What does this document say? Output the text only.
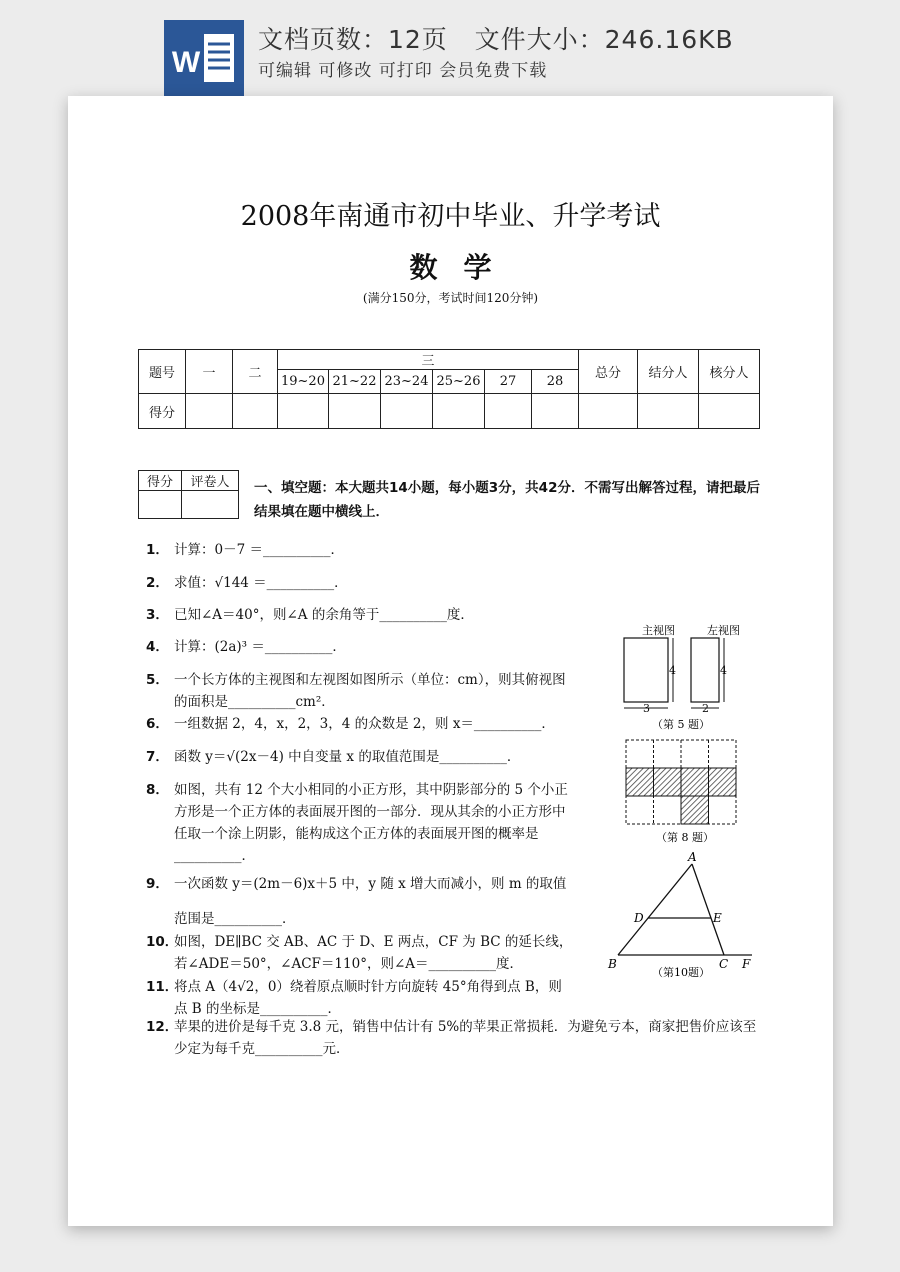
W
文档页数：12页   文件大小：246.16KB
可编辑 可修改 可打印 会员免费下载
2008年南通市初中毕业、升学考试
数学
(满分150分，考试时间120分钟)
题号	一	二	三						总分	结分人	核分人
			19~20	21~22	23~24	25~26	27	28			
得分											
得分	评卷人
	一、填空题：本大题共14小题，每小题3分，共42分．不需写出解答过程，请把最后结果填在题中横线上．
1． 计算：0－7 ＝__________．
2． 求值：√144 ＝__________．
3． 已知∠A＝40°，则∠A 的余角等于__________度．
4． 计算：(2a)³ ＝__________．
5． 一个长方体的主视图和左视图如图所示（单位：cm），则其俯视图的面积是__________cm²．
6． 一组数据 2，4，x，2，3，4 的众数是 2，则 x＝__________．
7． 函数 y＝√(2x－4) 中自变量 x 的取值范围是__________．
8． 如图，共有 12 个大小相同的小正方形，其中阴影部分的 5 个小正方形是一个正方体的表面展开图的一部分．现从其余的小正方形中任取一个涂上阴影，能构成这个正方体的表面展开图的概率是__________．
9． 一次函数 y＝(2m－6)x＋5 中，y 随 x 增大而减小，则 m 的取值
范围是__________．
10．
如图，DE∥BC 交 AB、AC 于 D、E 两点，CF 为 BC 的延长线，若∠ADE＝50°，∠ACF＝110°，则∠A＝__________度．
11．
将点 A（4√2，0）绕着原点顺时针方向旋转 45°角得到点 B，则点 B 的坐标是__________．
12．
苹果的进价是每千克 3.8 元，销售中估计有 5%的苹果正常损耗．为避免亏本，商家把售价应该至少定为每千克__________元．
主视图	左视图
4	4
3	2
（第 5 题）
（第 8 题）
A
D	E
B	C F
（第10题）
